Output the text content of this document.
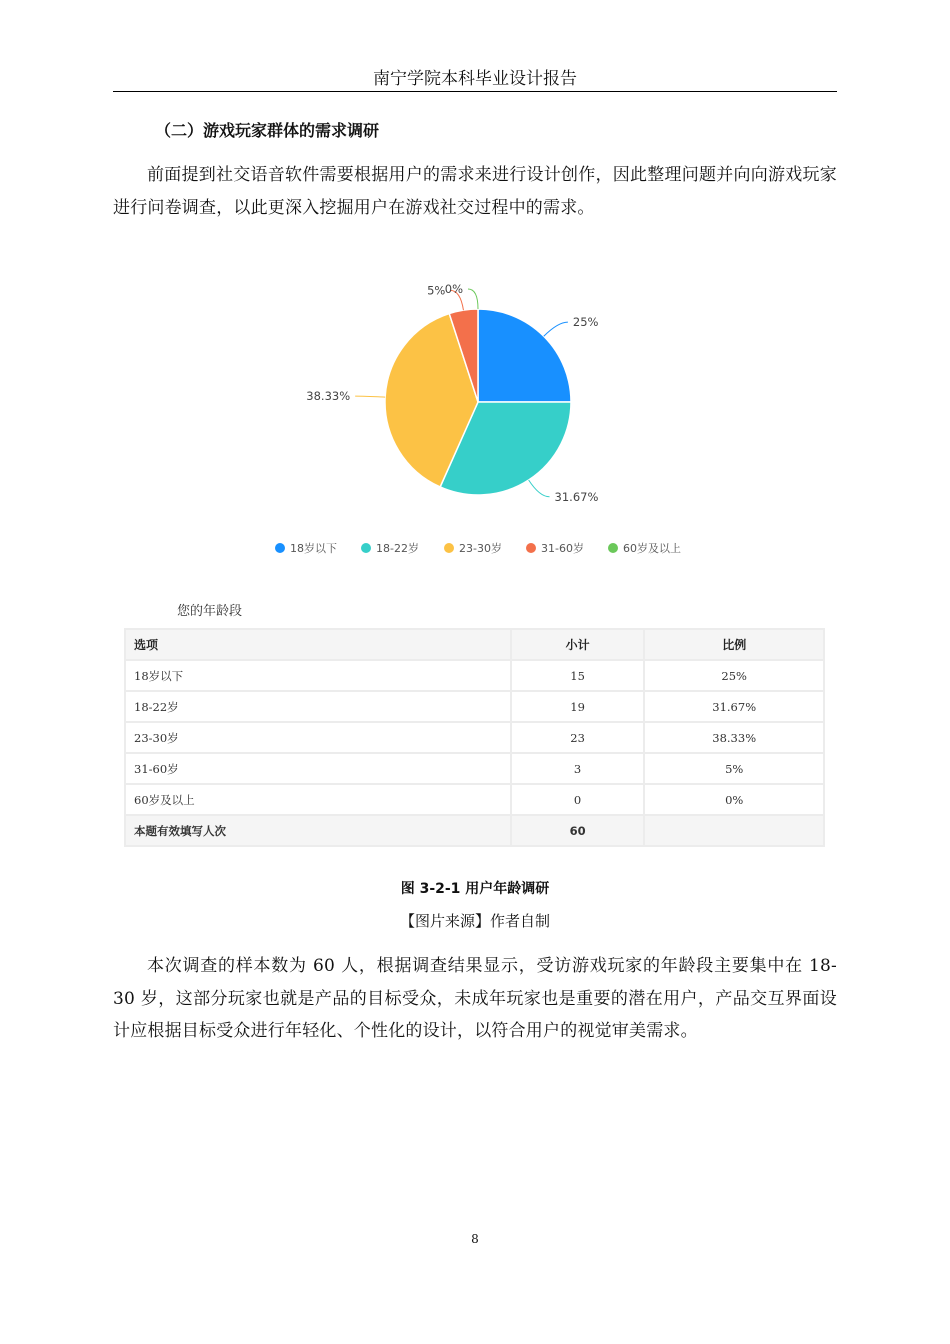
南宁学院本科毕业设计报告
（二）游戏玩家群体的需求调研
前面提到社交语音软件需要根据用户的需求来进行设计创作，因此整理问题并向向游戏玩家进行问卷调查，以此更深入挖掘用户在游戏社交过程中的需求。
25%
31.67%
38.33%
5% 0%
18岁以下	18-22岁	23-30岁	31-60岁	60岁及以上
您的年龄段
选项	小计	比例
18岁以下	15	25%
18-22岁	19	31.67%
23-30岁	23	38.33%
31-60岁	3	5%
60岁及以上	0	0%
本题有效填写人次	60	
图 3-2-1 用户年龄调研
【图片来源】作者自制
本次调查的样本数为 60 人，根据调查结果显示，受访游戏玩家的年龄段主要集中在 18-30 岁，这部分玩家也就是产品的目标受众，未成年玩家也是重要的潜在用户，产品交互界面设计应根据目标受众进行年轻化、个性化的设计，以符合用户的视觉审美需求。
8
